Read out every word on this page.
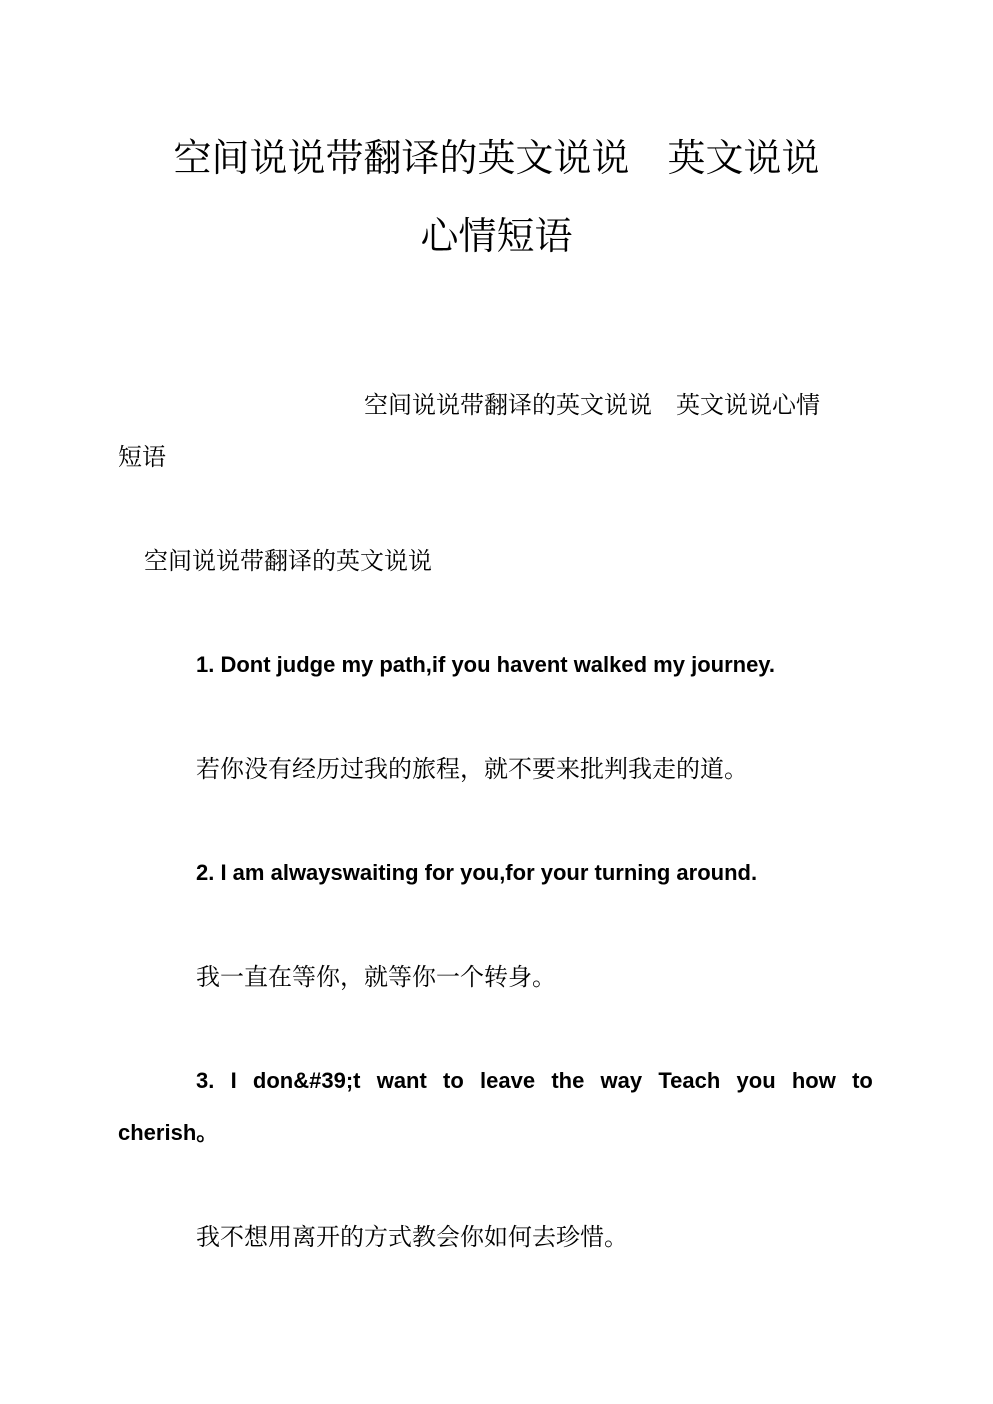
空间说说带翻译的英文说说　英文说说
心情短语
空间说说带翻译的英文说说　英文说说心情
短语
空间说说带翻译的英文说说
1. Dont judge my path,if you havent walked my journey.
若你没有经历过我的旅程，就不要来批判我走的道。
2. I am alwayswaiting for you,for your turning around.
我一直在等你，就等你一个转身。
3. I don&#39;t want to leave the way Teach you how to
cherish。
我不想用离开的方式教会你如何去珍惜。
